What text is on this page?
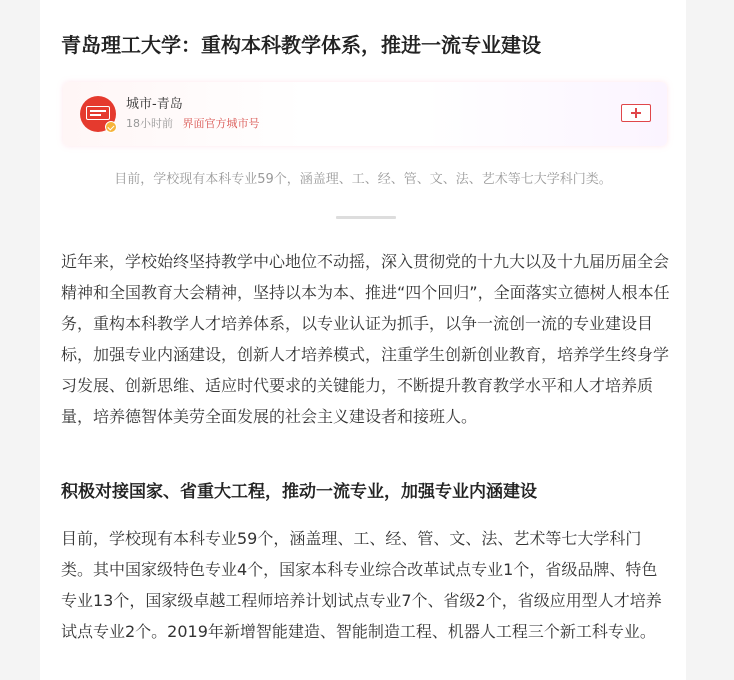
青岛理工大学：重构本科教学体系，推进一流专业建设
城市-青岛
18小时前 界面官方城市号
目前，学校现有本科专业59个，涵盖理、工、经、管、文、法、艺术等七大学科门类。

近年来，学校始终坚持教学中心地位不动摇，深入贯彻党的十九大以及十九届历届全会精神和全国教育大会精神，坚持以本为本、推进“四个回归”，全面落实立德树人根本任务，重构本科教学人才培养体系，以专业认证为抓手，以争一流创一流的专业建设目标，加强专业内涵建设，创新人才培养模式，注重学生创新创业教育，培养学生终身学习发展、创新思维、适应时代要求的关键能力，不断提升教育教学水平和人才培养质量，培养德智体美劳全面发展的社会主义建设者和接班人。

积极对接国家、省重大工程，推动一流专业，加强专业内涵建设

目前，学校现有本科专业59个，涵盖理、工、经、管、文、法、艺术等七大学科门类。其中国家级特色专业4个，国家本科专业综合改革试点专业1个，省级品牌、特色专业13个，国家级卓越工程师培养计划试点专业7个、省级2个，省级应用型人才培养试点专业2个。2019年新增智能建造、智能制造工程、机器人工程三个新工科专业。
